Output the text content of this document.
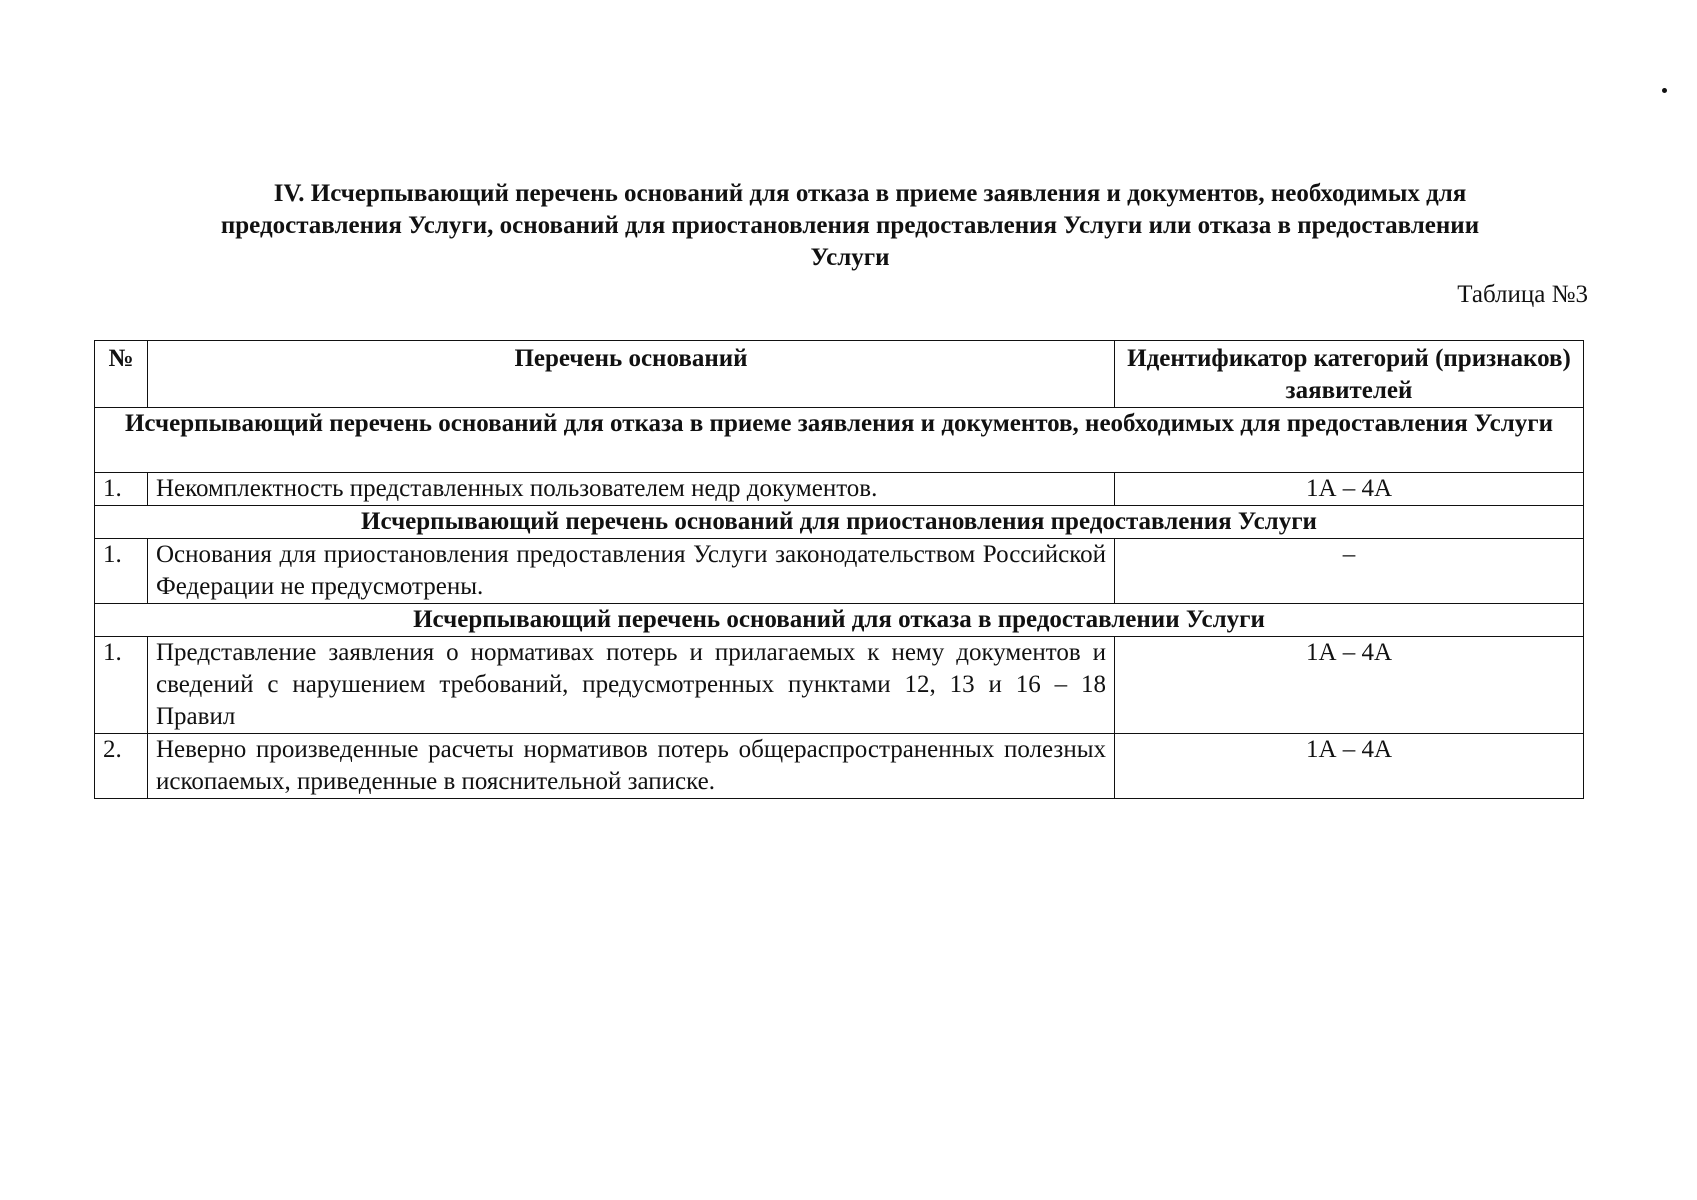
IV. Исчерпывающий перечень оснований для отказа в приеме заявления и документов, необходимых для
предоставления Услуги, оснований для приостановления предоставления Услуги или отказа в предоставлении
Услуги
Таблица №3
№	Перечень оснований	Идентификатор категорий (признаков) заявителей
Исчерпывающий перечень оснований для отказа в приеме заявления и документов, необходимых для предоставления Услуги		
1.	Некомплектность представленных пользователем недр документов.	1А – 4А
Исчерпывающий перечень оснований для приостановления предоставления Услуги		
1.	Основания для приостановления предоставления Услуги законодательством Российской Федерации не предусмотрены.	–
Исчерпывающий перечень оснований для отказа в предоставлении Услуги		
1.	Представление заявления о нормативах потерь и прилагаемых к нему документов и сведений с нарушением требований, предусмотренных пунктами 12, 13 и 16 – 18 Правил	1А – 4А
2.	Неверно произведенные расчеты нормативов потерь общераспространенных полезных ископаемых, приведенные в пояснительной записке.	1А – 4А
